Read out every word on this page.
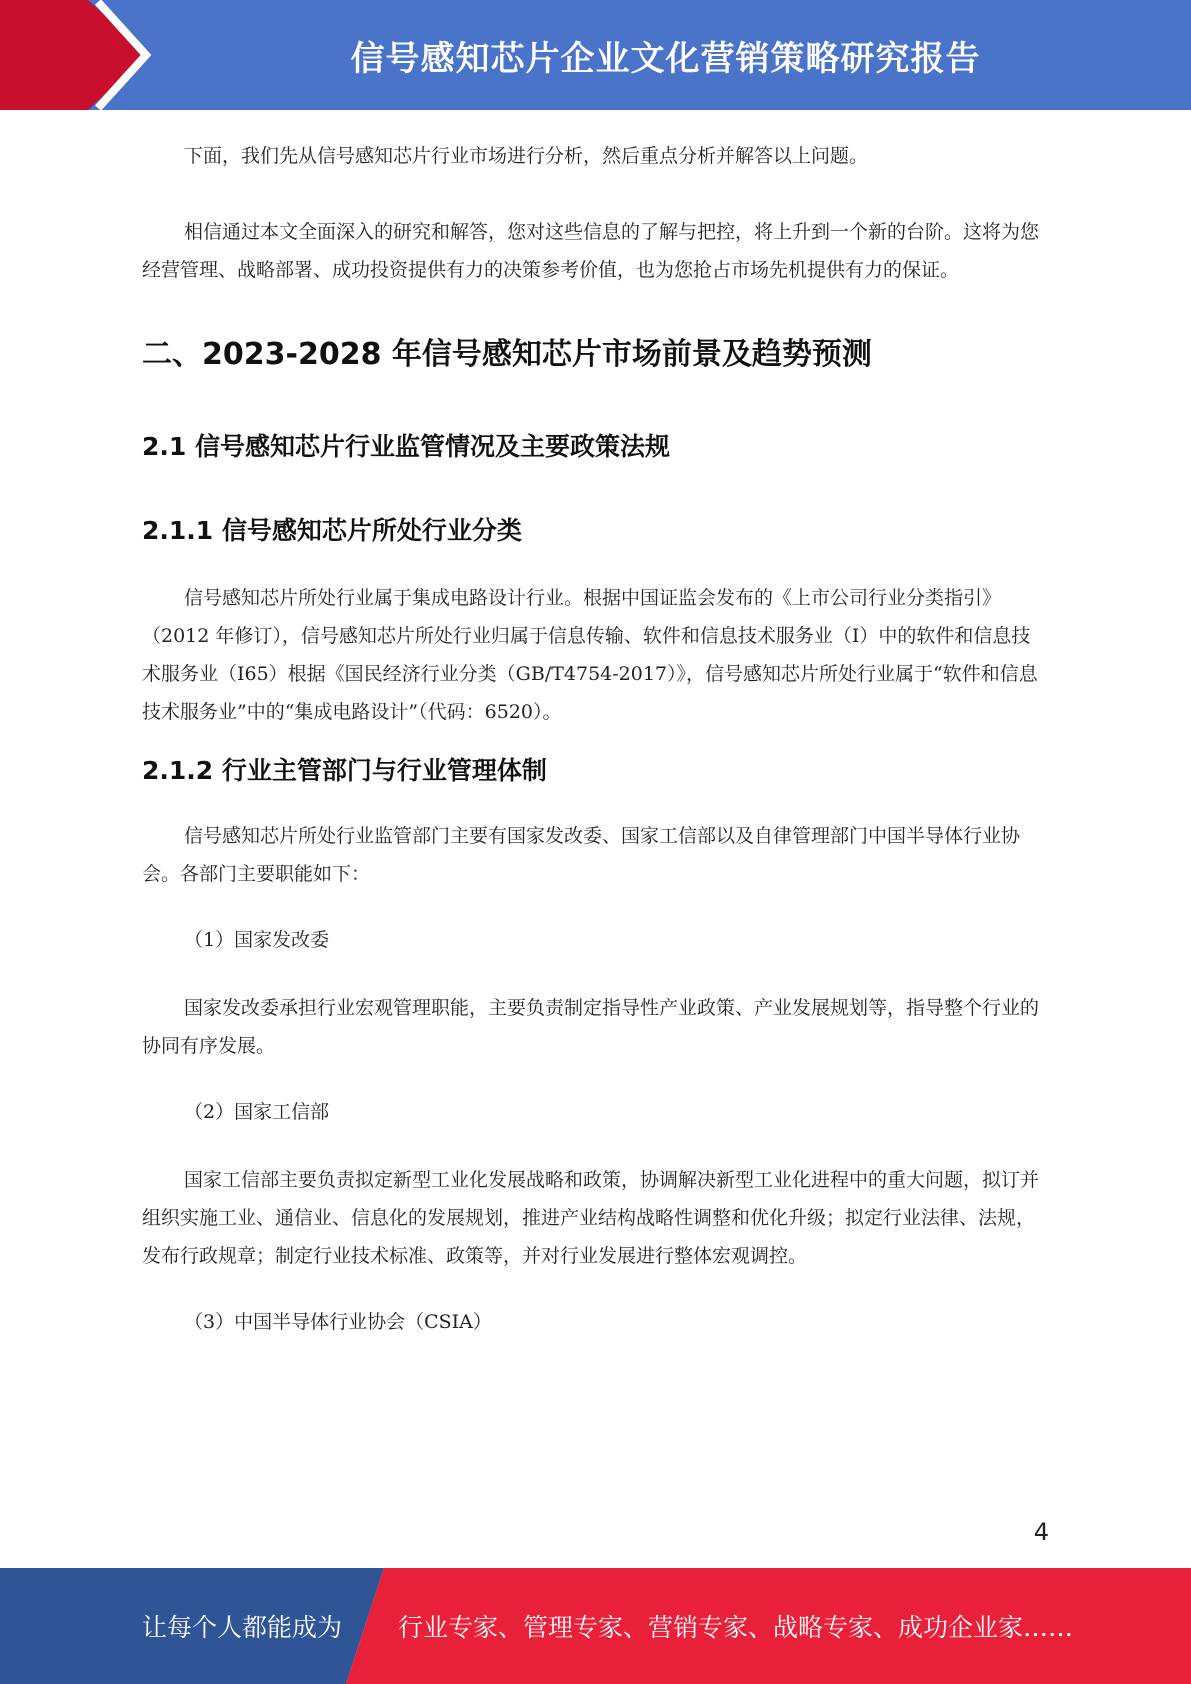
信号感知芯片企业文化营销策略研究报告

下面，我们先从信号感知芯片行业市场进行分析，然后重点分析并解答以上问题。

相信通过本文全面深入的研究和解答，您对这些信息的了解与把控，将上升到一个新的台阶。这将为您经营管理、战略部署、成功投资提供有力的决策参考价值，也为您抢占市场先机提供有力的保证。

二、2023-2028 年信号感知芯片市场前景及趋势预测
2.1 信号感知芯片行业监管情况及主要政策法规
2.1.1 信号感知芯片所处行业分类

信号感知芯片所处行业属于集成电路设计行业。根据中国证监会发布的《上市公司行业分类指引》（2012 年修订），信号感知芯片所处行业归属于信息传输、软件和信息技术服务业（I）中的软件和信息技术服务业（I65）根据《国民经济行业分类（GB/T4754-2017）》，信号感知芯片所处行业属于“软件和信息技术服务业”中的“集成电路设计”（代码：6520）。

2.1.2 行业主管部门与行业管理体制

信号感知芯片所处行业监管部门主要有国家发改委、国家工信部以及自律管理部门中国半导体行业协会。各部门主要职能如下：

（1）国家发改委

国家发改委承担行业宏观管理职能，主要负责制定指导性产业政策、产业发展规划等，指导整个行业的协同有序发展。

（2）国家工信部

国家工信部主要负责拟定新型工业化发展战略和政策，协调解决新型工业化进程中的重大问题，拟订并组织实施工业、通信业、信息化的发展规划，推进产业结构战略性调整和优化升级；拟定行业法律、法规，发布行政规章；制定行业技术标准、政策等，并对行业发展进行整体宏观调控。

（3）中国半导体行业协会（CSIA）

4
让每个人都能成为 行业专家、管理专家、营销专家、战略专家、成功企业家……
